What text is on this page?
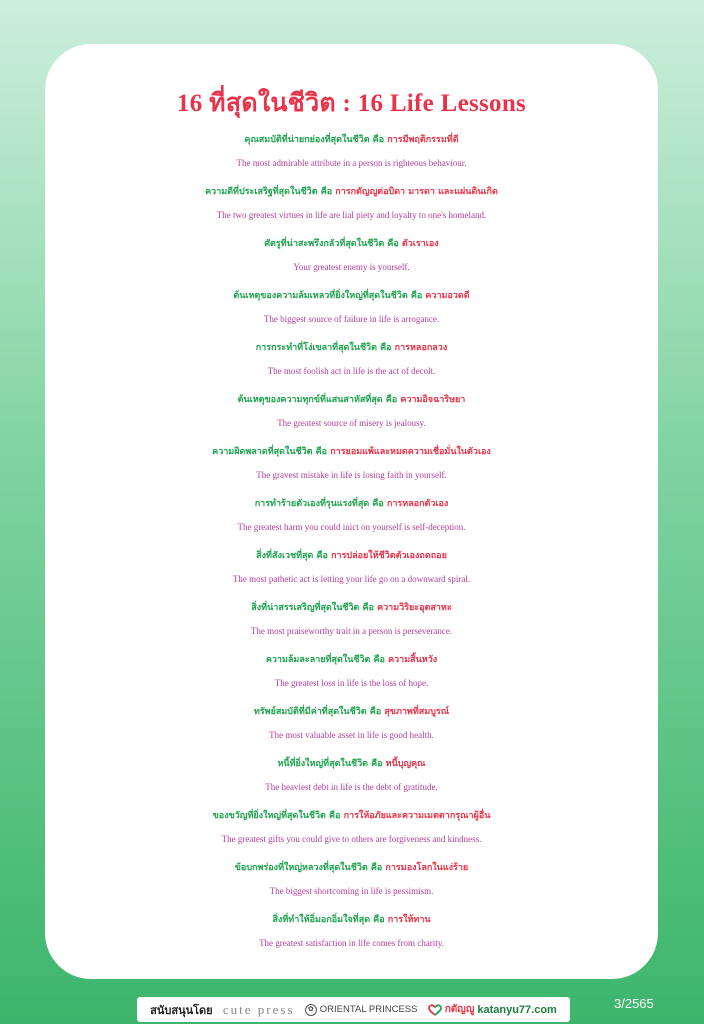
16 ที่สุดในชีวิต : 16 Life Lessons
คุณสมบัติที่น่ายกย่องที่สุดในชีวิต คือ การมีพฤติกรรมที่ดี
The most admirable attribute in a person is righteous behaviour.
ความดีที่ประเสริฐที่สุดในชีวิต คือ การกตัญญูต่อบิดา มารดา และแผ่นดินเกิด
The two greatest virtues in life are lial piety and loyalty to one's homeland.
ศัตรูที่น่าสะพรึงกลัวที่สุดในชีวิต คือ ตัวเราเอง
Your greatest enemy is yourself.
ต้นเหตุของความล้มเหลวที่ยิ่งใหญ่ที่สุดในชีวิต คือ ความอวดดี
The biggest source of failure in life is arrogance.
การกระทำที่โง่เขลาที่สุดในชีวิต คือ การหลอกลวง
The most foolish act in life is the act of decolt.
ต้นเหตุของความทุกข์ที่แสนสาหัสที่สุด คือ ความอิจฉาริษยา
The greatest source of misery is jealousy.
ความผิดพลาดที่สุดในชีวิต คือ การยอมแพ้และหมดความเชื่อมั่นในตัวเอง
The gravest mistake in life is losing faith in yourself.
การทำร้ายตัวเองที่รุนแรงที่สุด คือ การหลอกตัวเอง
The greatest harm you could inict on yourself is self-deception.
สิ่งที่สังเวชที่สุด คือ การปล่อยให้ชีวิตตัวเองถดถอย
The most pathetic act is letting your life go on a downward spiral.
สิ่งที่น่าสรรเสริญที่สุดในชีวิต คือ ความวิริยะอุตสาหะ
The most praiseworthy trait in a person is perseverance.
ความล้มละลายที่สุดในชีวิต คือ ความสิ้นหวัง
The greatest loss in life is the loss of hope.
ทรัพย์สมบัติที่มีค่าที่สุดในชีวิต คือ สุขภาพที่สมบูรณ์
The most valuable asset in life is good health.
หนี้ที่ยิ่งใหญ่ที่สุดในชีวิต คือ หนี้บุญคุณ
The heaviest debt in life is the debt of gratitude.
ของขวัญที่ยิ่งใหญ่ที่สุดในชีวิต คือ การให้อภัยและความเมตตากรุณาผู้อื่น
The greatest gifts you could give to others are forgiveness and kindness.
ข้อบกพร่องที่ใหญ่หลวงที่สุดในชีวิต คือ การมองโลกในแง่ร้าย
The biggest shortcoming in life is pessimism.
สิ่งที่ทำให้อิ่มอกอิ่มใจที่สุด คือ การให้ทาน
The greatest satisfaction in life comes from charity.
สนับสนุนโดย cute press	✿ ORIENTAL PRINCESS	กตัญญู katanyu77.com	3/2565
